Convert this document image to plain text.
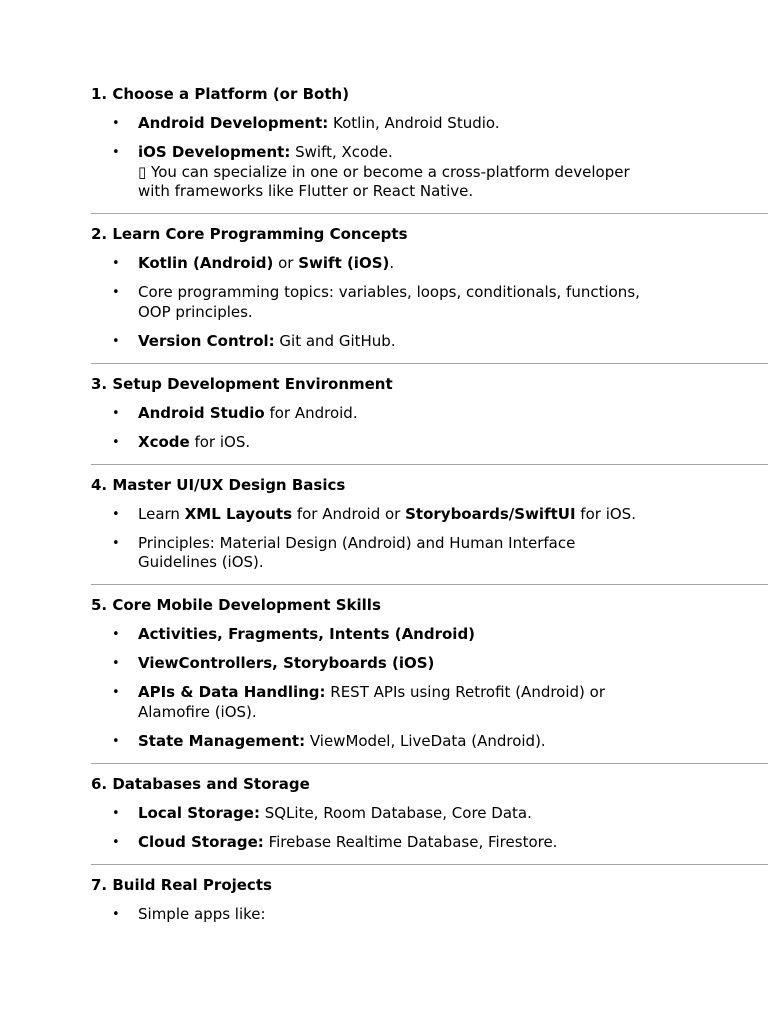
1. Choose a Platform (or Both)
• Android Development: Kotlin, Android Studio.
• iOS Development: Swift, Xcode.
▯ You can specialize in one or become a cross-platform developer with frameworks like Flutter or React Native.
2. Learn Core Programming Concepts
• Kotlin (Android) or Swift (iOS).
• Core programming topics: variables, loops, conditionals, functions, OOP principles.
• Version Control: Git and GitHub.
3. Setup Development Environment
• Android Studio for Android.
• Xcode for iOS.
4. Master UI/UX Design Basics
• Learn XML Layouts for Android or Storyboards/SwiftUI for iOS.
• Principles: Material Design (Android) and Human Interface Guidelines (iOS).
5. Core Mobile Development Skills
• Activities, Fragments, Intents (Android)
• ViewControllers, Storyboards (iOS)
• APIs & Data Handling: REST APIs using Retrofit (Android) or Alamofire (iOS).
• State Management: ViewModel, LiveData (Android).
6. Databases and Storage
• Local Storage: SQLite, Room Database, Core Data.
• Cloud Storage: Firebase Realtime Database, Firestore.
7. Build Real Projects
• Simple apps like:
